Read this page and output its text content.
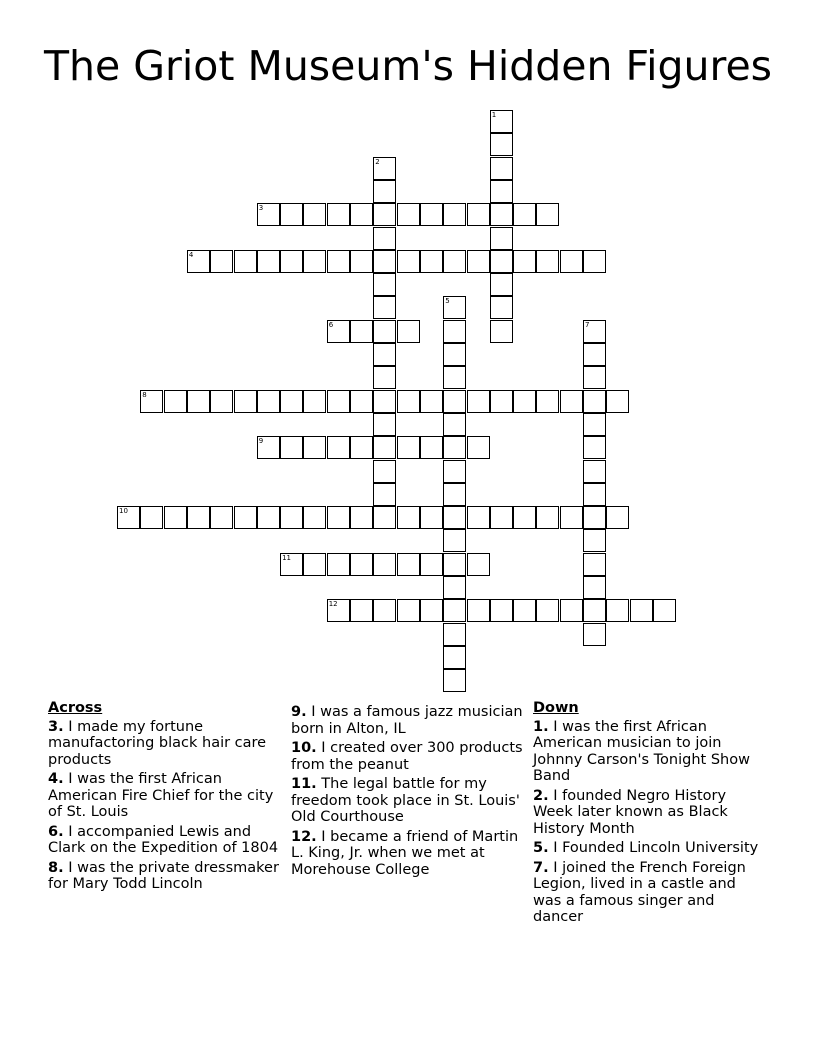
The Griot Museum's Hidden Figures
1
2
3
4
5
6	7
8
9
10
11
12
Across
3. I made my fortune manufactoring black hair care products
4. I was the first African American Fire Chief for the city of St. Louis
6. I accompanied Lewis and Clark on the Expedition of 1804
8. I was the private dressmaker for Mary Todd Lincoln
9. I was a famous jazz musician born in Alton, IL
10. I created over 300 products from the peanut
11. The legal battle for my freedom took place in St. Louis' Old Courthouse
12. I became a friend of Martin L. King, Jr. when we met at Morehouse College
Down
1. I was the first African American musician to join Johnny Carson's Tonight Show Band
2. I founded Negro History Week later known as Black History Month
5. I Founded Lincoln University
7. I joined the French Foreign Legion, lived in a castle and was a famous singer and dancer
